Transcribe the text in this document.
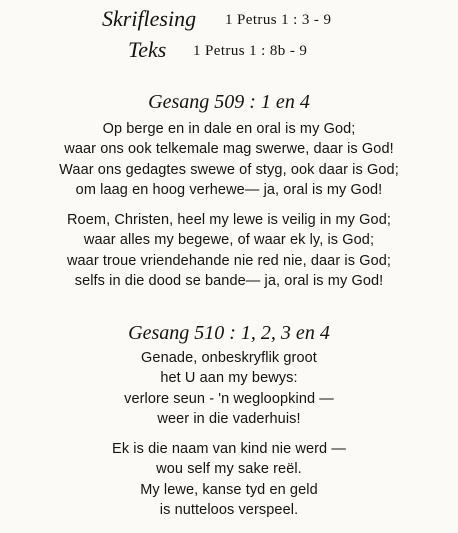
Skriflesing 1 Petrus 1 : 3 - 9
Teks 1 Petrus 1 : 8b - 9
Gesang 509 : 1 en 4
Op berge en in dale en oral is my God;
waar ons ook telkemale mag swerwe, daar is God!
Waar ons gedagtes swewe of styg, ook daar is God;
om laag en hoog verhewe— ja, oral is my God!
Roem, Christen, heel my lewe is veilig in my God;
waar alles my begewe, of waar ek ly, is God;
waar troue vriendehande nie red nie, daar is God;
selfs in die dood se bande— ja, oral is my God!
Gesang 510 : 1, 2, 3 en 4
Genade, onbeskryflik groot
het U aan my bewys:
verlore seun - 'n wegloopkind —
weer in die vaderhuis!
Ek is die naam van kind nie werd —
wou self my sake reël.
My lewe, kanse tyd en geld
is nutteloos verspeel.
